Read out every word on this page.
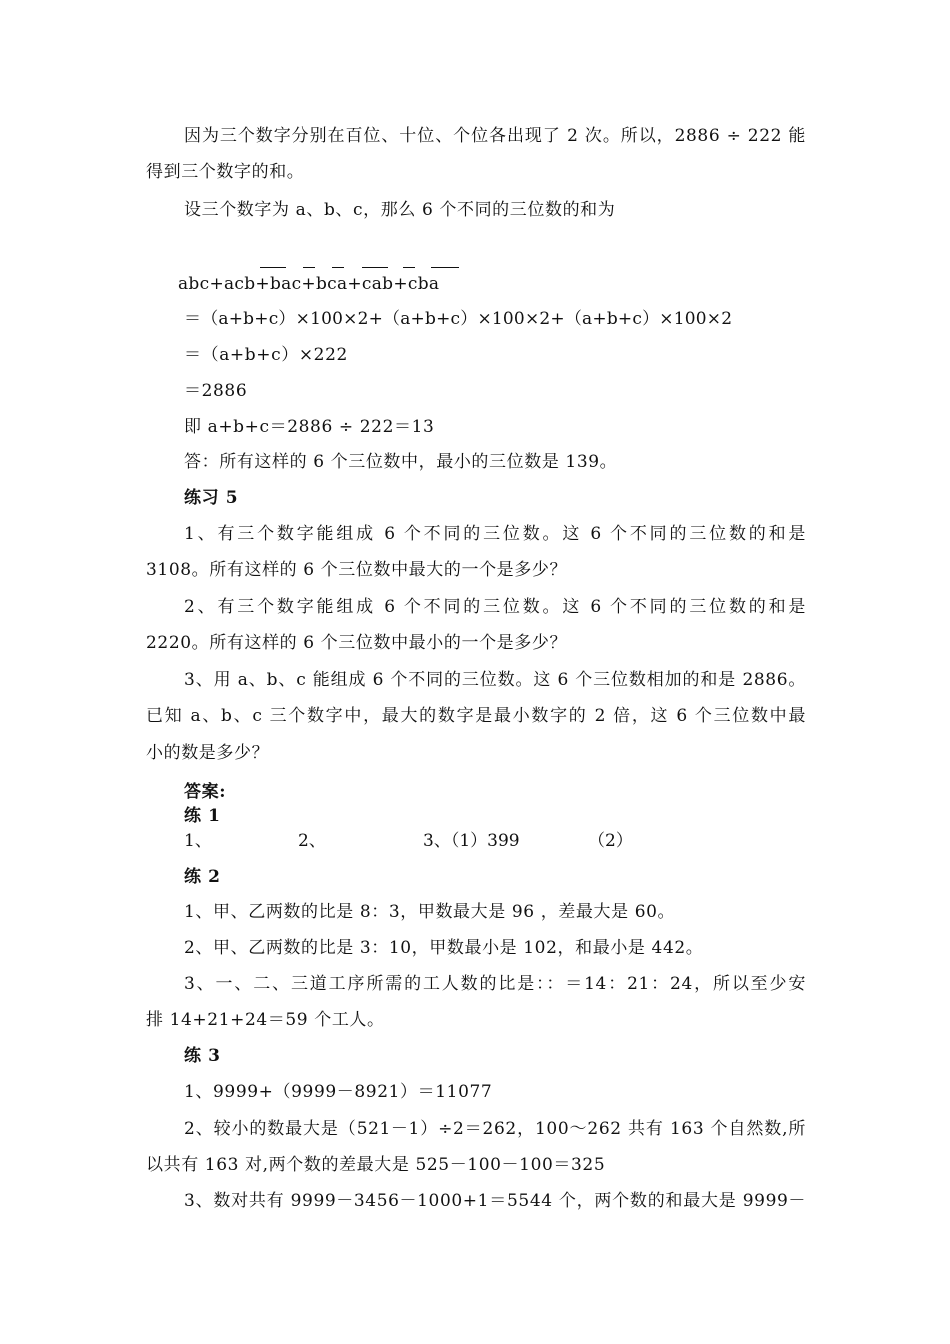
因为三个数字分别在百位、十位、个位各出现了 2 次。所以，2886 ÷ 222 能
得到三个数字的和。
设三个数字为 a、b、c，那么 6 个不同的三位数的和为
abc+acb+bac+bca+cab+cba
＝（a+b+c）×100×2+（a+b+c）×100×2+（a+b+c）×100×2
＝（a+b+c）×222
＝2886
即 a+b+c＝2886 ÷ 222＝13
答：所有这样的 6 个三位数中，最小的三位数是 139。
练习 5
1、有三个数字能组成 6 个不同的三位数。这 6 个不同的三位数的和是
3108。所有这样的 6 个三位数中最大的一个是多少？
2、有三个数字能组成 6 个不同的三位数。这 6 个不同的三位数的和是
2220。所有这样的 6 个三位数中最小的一个是多少？
3、用 a、b、c 能组成 6 个不同的三位数。这 6 个三位数相加的和是 2886。
已知 a、b、c 三个数字中，最大的数字是最小数字的 2 倍，这 6 个三位数中最
小的数是多少？
答案:
练 1
1、	2、	3、（1）399	（2）
练 2
1、甲、乙两数的比是 8：3，甲数最大是 96 ，差最大是 60。
2、甲、乙两数的比是 3：10，甲数最小是 102，和最小是 442。
3、一、二、三道工序所需的工人数的比是：：＝14：21：24，所以至少安
排 14+21+24＝59 个工人。
练 3
1、9999+（9999－8921）＝11077
2、较小的数最大是（521－1）÷2＝262，100～262 共有 163 个自然数,所
以共有 163 对,两个数的差最大是 525－100－100＝325
3、数对共有 9999－3456－1000+1＝5544 个，两个数的和最大是 9999－
